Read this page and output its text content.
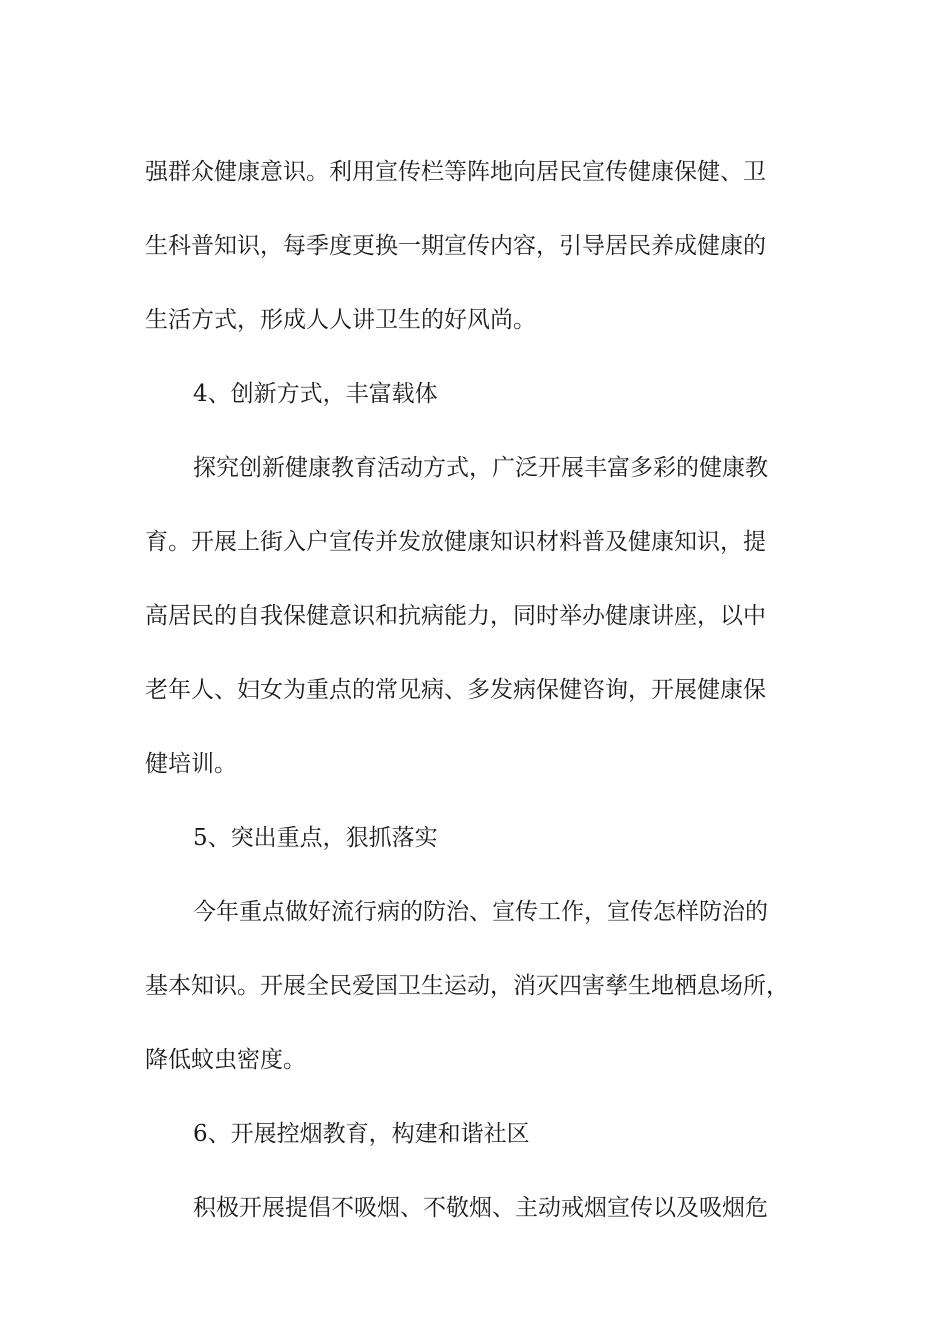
强群众健康意识。利用宣传栏等阵地向居民宣传健康保健、卫
生科普知识，每季度更换一期宣传内容，引导居民养成健康的
生活方式，形成人人讲卫生的好风尚。
4、创新方式，丰富载体
探究创新健康教育活动方式，广泛开展丰富多彩的健康教
育。开展上街入户宣传并发放健康知识材料普及健康知识，提
高居民的自我保健意识和抗病能力，同时举办健康讲座，以中
老年人、妇女为重点的常见病、多发病保健咨询，开展健康保
健培训。
5、突出重点，狠抓落实
今年重点做好流行病的防治、宣传工作，宣传怎样防治的
基本知识。开展全民爱国卫生运动，消灭四害孳生地栖息场所，
降低蚊虫密度。
6、开展控烟教育，构建和谐社区
积极开展提倡不吸烟、不敬烟、主动戒烟宣传以及吸烟危
